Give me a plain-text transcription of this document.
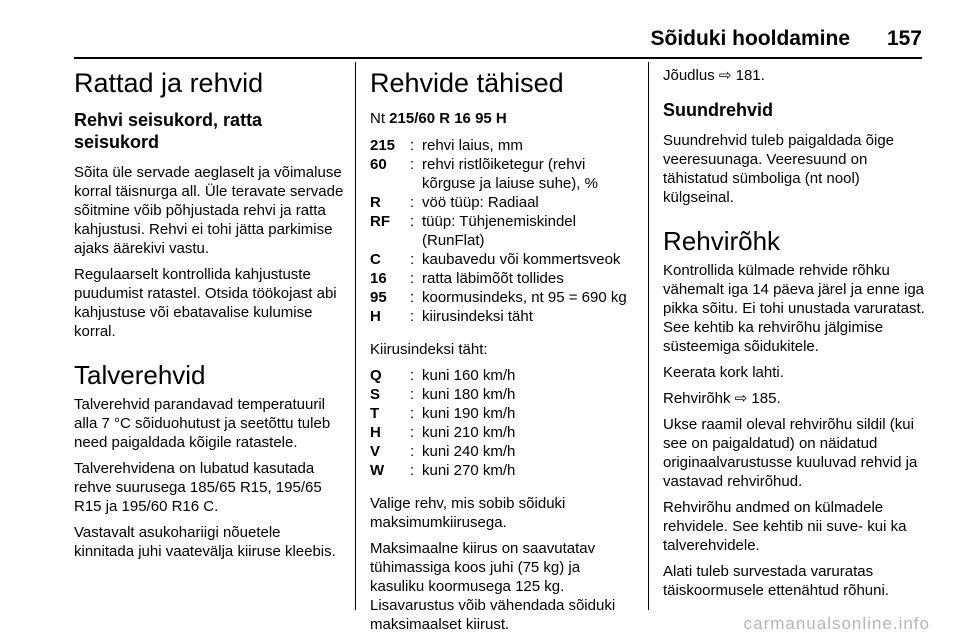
Sõiduki hooldamine 157
Rattad ja rehvid
Rehvi seisukord, ratta seisukord

Sõita üle servade aeglaselt ja võimaluse korral täisnurga all. Üle teravate servade sõitmine võib põhjustada rehvi ja ratta kahjustusi. Rehvi ei tohi jätta parkimise ajaks äärekivi vastu.

Regulaarselt kontrollida kahjustuste puudumist ratastel. Otsida töökojast abi kahjustuse või ebatavalise kulumise korral.

Talverehvid

Talverehvid parandavad temperatuuril alla 7 °C sõiduohutust ja seetõttu tuleb need paigaldada kõigile ratastele.

Talverehvidena on lubatud kasutada rehve suurusega 185/65 R15, 195/65 R15 ja 195/60 R16 C.

Vastavalt asukohariigi nõuetele kinnitada juhi vaatevälja kiiruse kleebis.

Rehvide tähised
Nt 215/60 R 16 95 H
215	:	rehvi laius, mm
60	:	rehvi ristlõiketegur (rehvi kõrguse ja laiuse suhe), %
R	:	vöö tüüp: Radiaal
RF	:	tüüp: Tühjenemiskindel (RunFlat)
C	:	kaubavedu või kommertsveok
16	:	ratta läbimõõt tollides
95	:	koormusindeks, nt 95 = 690 kg
H	:	kiirusindeksi täht

Kiirusindeksi täht:

Q	:	kuni 160 km/h
S	:	kuni 180 km/h
T	:	kuni 190 km/h
H	:	kuni 210 km/h
V	:	kuni 240 km/h
W	:	kuni 270 km/h

Valige rehv, mis sobib sõiduki maksimumkiirusega.

Maksimaalne kiirus on saavutatav tühimassiga koos juhi (75 kg) ja kasuliku koormusega 125 kg. Lisavarustus võib vähendada sõiduki maksimaalset kiirust.

Jõudlus ⇨ 181.

Suundrehvid

Suundrehvid tuleb paigaldada õige veeresuunaga. Veeresuund on tähistatud sümboliga (nt nool) külgseinal.

Rehvirõhk

Kontrollida külmade rehvide rõhku vähemalt iga 14 päeva järel ja enne iga pikka sõitu. Ei tohi unustada varuratast. See kehtib ka rehvirõhu jälgimise süsteemiga sõidukitele.

Keerata kork lahti.

Rehvirõhk ⇨ 185.

Ukse raamil oleval rehvirõhu sildil (kui see on paigaldatud) on näidatud originaalvarustusse kuuluvad rehvid ja vastavad rehvirõhud.

Rehvirõhu andmed on külmadele rehvidele. See kehtib nii suve- kui ka talverehvidele.

Alati tuleb survestada varuratas täiskoormusele ettenähtud rõhuni.

carmanualsonline.info
